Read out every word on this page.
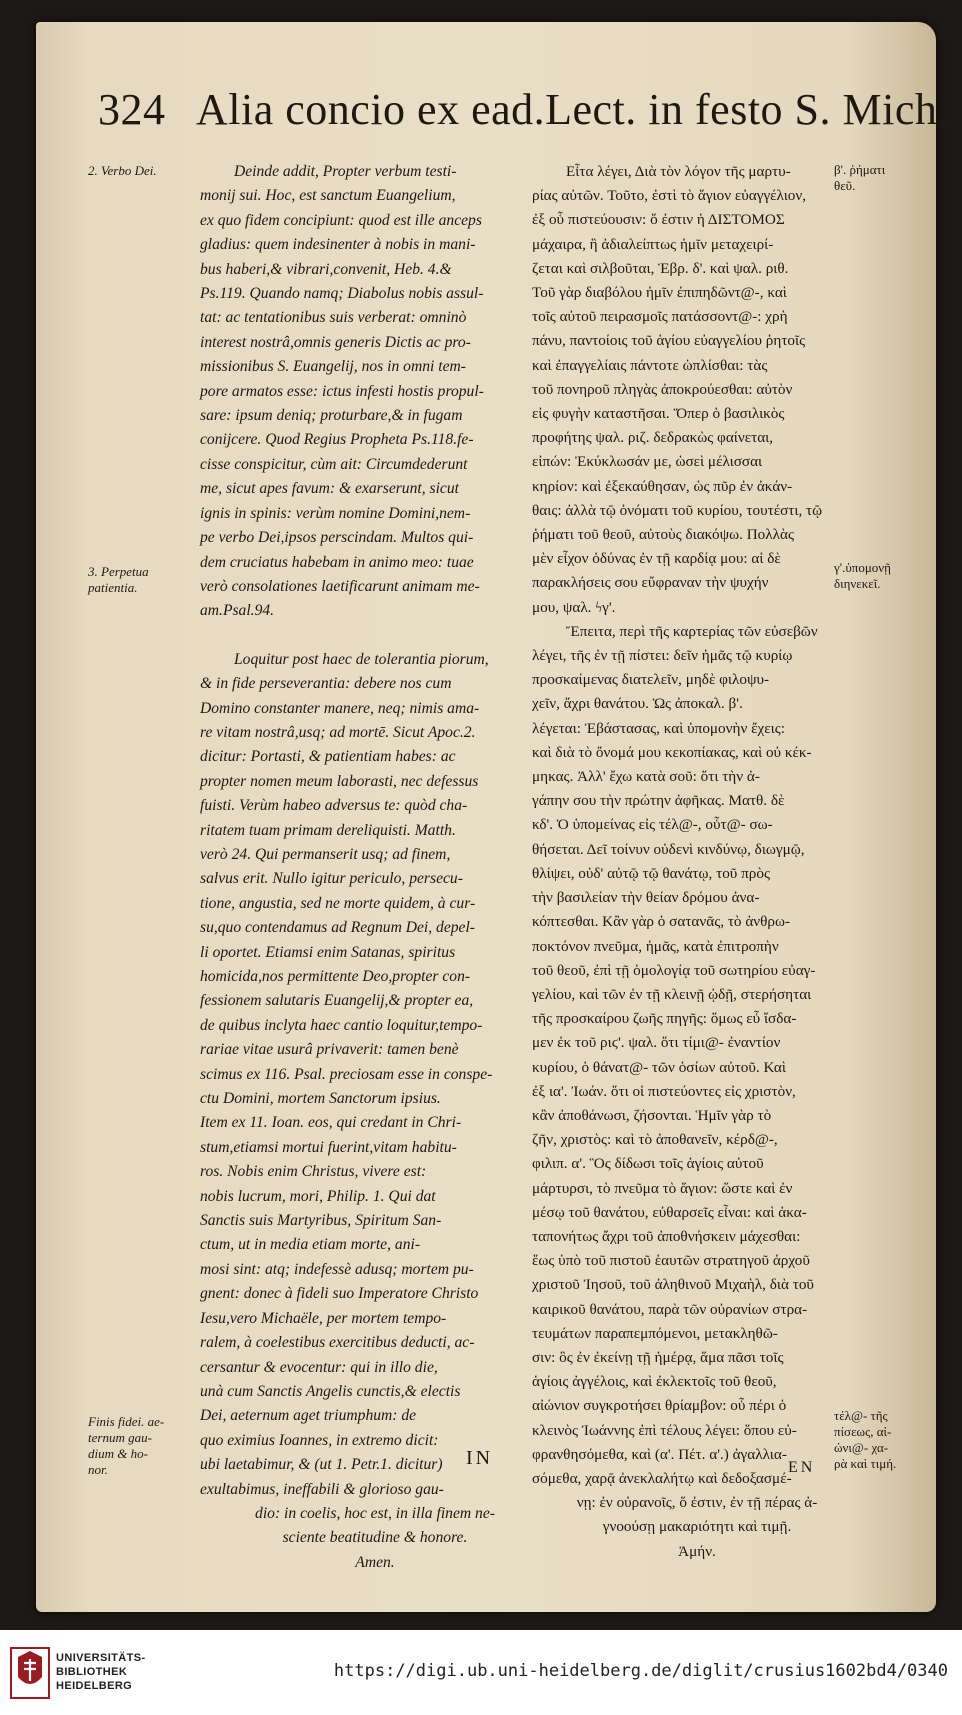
324 Alia concio ex ead.Lect. in festo S. Mich.
2. Verbo Dei.
3. Perpetua
patientia.
Finis fidei. ae-
ternum gau-
dium & ho-
nor.
β'. ῥήματι
θεῦ.
γ'.ὑπομονῇ
διηνεκεῖ.
τέλ@- τῆς
πίσεως, αἰ-
ώνι@- χα-
ρὰ καὶ τιμή.
Deinde addit, Propter verbum testi-
monij sui. Hoc, est sanctum Euangelium,
ex quo fidem concipiunt: quod est ille anceps
gladius: quem indesinenter à nobis in mani-
bus haberi,& vibrari,convenit, Heb. 4.&
Ps.119. Quando namq; Diabolus nobis assul-
tat: ac tentationibus suis verberat: omninò
interest nostrâ,omnis generis Dictis ac pro-
missionibus S. Euangelij, nos in omni tem-
pore armatos esse: ictus infesti hostis propul-
sare: ipsum deniq; proturbare,& in fugam
conijcere. Quod Regius Propheta Ps.118.fe-
cisse conspicitur, cùm ait: Circumdederunt
me, sicut apes favum: & exarserunt, sicut
ignis in spinis: verùm nomine Domini,nem-
pe verbo Dei,ipsos perscindam. Multos qui-
dem cruciatus habebam in animo meo: tuae
verò consolationes laetificarunt animam me-
am.Psal.94.
Loquitur post haec de tolerantia piorum,
& in fide perseverantia: debere nos cum
Domino constanter manere, neq; nimis ama-
re vitam nostrâ,usq; ad mortē. Sicut Apoc.2.
dicitur: Portasti, & patientiam habes: ac
propter nomen meum laborasti, nec defessus
fuisti. Verùm habeo adversus te: quòd cha-
ritatem tuam primam dereliquisti. Matth.
verò 24. Qui permanserit usq; ad finem,
salvus erit. Nullo igitur periculo, persecu-
tione, angustia, sed ne morte quidem, à cur-
su,quo contendamus ad Regnum Dei, depel-
li oportet. Etiamsi enim Satanas, spiritus
homicida,nos permittente Deo,propter con-
fessionem salutaris Euangelij,& propter ea,
de quibus inclyta haec cantio loquitur,tempo-
rariae vitae usurâ privaverit: tamen benè
scimus ex 116. Psal. preciosam esse in conspe-
ctu Domini, mortem Sanctorum ipsius.
Item ex 11. Ioan. eos, qui credant in Chri-
stum,etiamsi mortui fuerint,vitam habitu-
ros. Nobis enim Christus, vivere est:
nobis lucrum, mori, Philip. 1. Qui dat
Sanctis suis Martyribus, Spiritum San-
ctum, ut in media etiam morte, ani-
mosi sint: atq; indefessè adusq; mortem pu-
gnent: donec à fideli suo Imperatore Christo
Iesu,vero Michaële, per mortem tempo-
ralem, à coelestibus exercitibus deducti, ac-
cersantur & evocentur: qui in illo die,
unà cum Sanctis Angelis cunctis,& electis
Dei, aeternum aget triumphum: de
quo eximius Ioannes, in extremo dicit:
ubi laetabimur, & (ut 1. Petr.1. dicitur)
exultabimus, ineffabili & glorioso gau-
dio: in coelis, hoc est, in illa finem ne-
sciente beatitudine & honore.
Amen.
Εἶτα λέγει, Διὰ τὸν λόγον τῆς μαρτυ-
ρίας αὐτῶν. Τοῦτο, ἐστὶ τὸ ἅγιον εὐαγγέλιον,
ἐξ οὗ πιστεύουσιν: ὅ ἐστιν ἡ ΔΙΣΤΟΜΟΣ
μάχαιρα, ἣ ἀδιαλείπτως ἡμῖν μεταχειρί-
ζεται καὶ σιλβοῦται, Ἑβρ. δ'. καὶ ψαλ. ριθ.
Τοῦ γὰρ διαβόλου ἡμῖν ἐπιπηδῶντ@-, καὶ
τοῖς αὐτοῦ πειρασμοῖς πατάσσοντ@-: χρὴ
πάνυ, παντοίοις τοῦ ἁγίου εὐαγγελίου ῥητοῖς
καὶ ἐπαγγελίαις πάντοτε ὡπλίσθαι: τὰς
τοῦ πονηροῦ πληγὰς ἀποκρούεσθαι: αὐτὸν
εἰς φυγὴν καταστῆσαι. Ὅπερ ὁ βασιλικὸς
προφήτης ψαλ. ριζ. δεδρακὼς φαίνεται,
εἰπών: Ἐκύκλωσάν με, ὡσεὶ μέλισσαι
κηρίον: καὶ ἐξεκαύθησαν, ὡς πῦρ ἐν ἀκάν-
θαις: ἀλλὰ τῷ ὀνόματι τοῦ κυρίου, τουτέστι, τῷ
ῥήματι τοῦ θεοῦ, αὐτοὺς διακόψω. Πολλὰς
μὲν εἶχον ὀδύνας ἐν τῇ καρδίᾳ μου: αἱ δὲ
παρακλήσεις σου εὔφραναν τὴν ψυχήν
μου, ψαλ. ϟγ'.
Ἔπειτα, περὶ τῆς καρτερίας τῶν εὐσεβῶν
λέγει, τῆς ἐν τῇ πίστει: δεῖν ἡμᾶς τῷ κυρίῳ
προσκαίμενας διατελεῖν, μηδὲ φιλοψυ-
χεῖν, ἄχρι θανάτου. Ὡς ἀποκαλ. β'.
λέγεται: Ἐβάστασας, καὶ ὑπομονὴν ἔχεις:
καὶ διὰ τὸ ὄνομά μου κεκοπίακας, καὶ οὐ κέκ-
μηκας. Ἀλλ' ἔχω κατὰ σοῦ: ὅτι τὴν ἀ-
γάπην σου τὴν πρώτην ἀφῆκας. Ματθ. δὲ
κδ'. Ὁ ὑπομείνας εἰς τέλ@-, οὗτ@- σω-
θήσεται. Δεῖ τοίνυν οὐδενὶ κινδύνῳ, διωγμῷ,
θλίψει, οὐδ' αὐτῷ τῷ θανάτῳ, τοῦ πρὸς
τὴν βασιλείαν τὴν θείαν δρόμου ἀνα-
κόπτεσθαι. Κἂν γὰρ ὁ σατανᾶς, τὸ ἀνθρω-
ποκτόνον πνεῦμα, ἡμᾶς, κατὰ ἐπιτροπὴν
τοῦ θεοῦ, ἐπὶ τῇ ὁμολογίᾳ τοῦ σωτηρίου εὐαγ-
γελίου, καὶ τῶν ἐν τῇ κλεινῇ ᾠδῇ, στερήσηται
τῆς προσκαίρου ζωῆς πηγῆς: ὅμως εὖ ἴσδα-
μεν ἐκ τοῦ ριϛ'. ψαλ. ὅτι τίμι@- ἐναντίον
κυρίου, ὁ θάνατ@- τῶν ὁσίων αὐτοῦ. Καὶ
ἐξ ια'. Ἰωάν. ὅτι οἱ πιστεύοντες εἰς χριστὸν,
κἂν ἀποθάνωσι, ζήσονται. Ἡμῖν γὰρ τὸ
ζῆν, χριστὸς: καὶ τὸ ἀποθανεῖν, κέρδ@-,
φιλιπ. α'. Ὃς δίδωσι τοῖς ἁγίοις αὐτοῦ
μάρτυρσι, τὸ πνεῦμα τὸ ἅγιον: ὥστε καὶ ἐν
μέσῳ τοῦ θανάτου, εὐθαρσεῖς εἶναι: καὶ ἀκα-
ταπονήτως ἄχρι τοῦ ἀποθνήσκειν μάχεσθαι:
ἕως ὑπὸ τοῦ πιστοῦ ἑαυτῶν στρατηγοῦ ἀρχοῦ
χριστοῦ Ἰησοῦ, τοῦ ἀληθινοῦ Μιχαὴλ, διὰ τοῦ
καιρικοῦ θανάτου, παρὰ τῶν οὐρανίων στρα-
τευμάτων παραπεμπόμενοι, μετακληθῶ-
σιν: ὃς ἐν ἐκείνῃ τῇ ἡμέρᾳ, ἅμα πᾶσι τοῖς
ἁγίοις ἀγγέλοις, καὶ ἐκλεκτοῖς τοῦ θεοῦ,
αἰώνιον συγκροτήσει θρίαμβον: οὗ πέρι ὁ
κλεινὸς Ἰωάννης ἐπὶ τέλους λέγει: ὅπου εὐ-
φρανθησόμεθα, καὶ (α'. Πέτ. α'.) ἀγαλλια-
σόμεθα, χαρᾷ ἀνεκλαλήτῳ καὶ δεδοξασμέ-
νῃ: ἐν οὐρανοῖς, ὅ ἐστιν, ἐν τῇ πέρας ἀ-
γνοούσῃ μακαριότητι καὶ τιμῇ.
Ἀμήν.
IN	ΕΝ
UNIVERSITÄTS-
BIBLIOTHEK
HEIDELBERG
https://digi.ub.uni-heidelberg.de/diglit/crusius1602bd4/0340
